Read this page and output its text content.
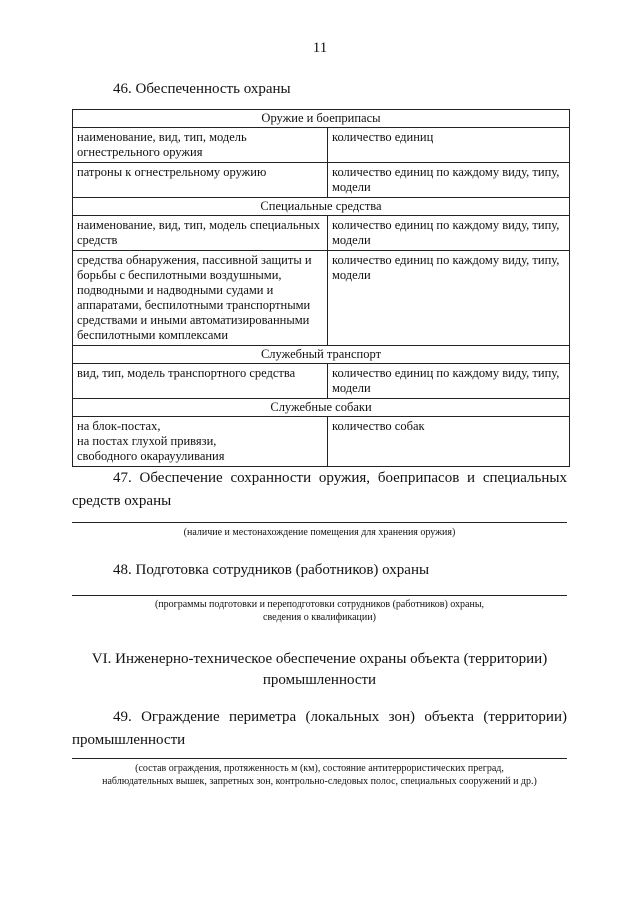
11
46. Обеспеченность охраны
Оружие и боеприпасы	
наименование, вид, тип, модель огнестрельного оружия	количество единиц
патроны к огнестрельному оружию	количество единиц по каждому виду, типу, модели
Специальные средства	
наименование, вид, тип, модель специальных средств	количество единиц по каждому виду, типу, модели
средства обнаружения, пассивной защиты и борьбы с беспилотными воздушными, подводными и надводными судами и аппаратами, беспилотными транспортными средствами и иными автоматизированными беспилотными комплексами	количество единиц по каждому виду, типу, модели
Служебный транспорт	
вид, тип, модель транспортного средства	количество единиц по каждому виду, типу, модели
Служебные собаки	
на блок-постах,
на постах глухой привязи,
свободного окараууливания	количество собак
47. Обеспечение сохранности оружия, боеприпасов и специальных
средств охраны
(наличие и местонахождение помещения для хранения оружия)
48. Подготовка сотрудников (работников) охраны
(программы подготовки и переподготовки сотрудников (работников) охраны,
сведения о квалификации)
VI. Инженерно-техническое обеспечение охраны объекта (территории)
промышленности
49. Ограждение периметра (локальных зон) объекта (территории)
промышленности
(состав ограждения, протяженность м (км), состояние антитеррористических преград,
наблюдательных вышек, запретных зон, контрольно-следовых полос, специальных сооружений и др.)
